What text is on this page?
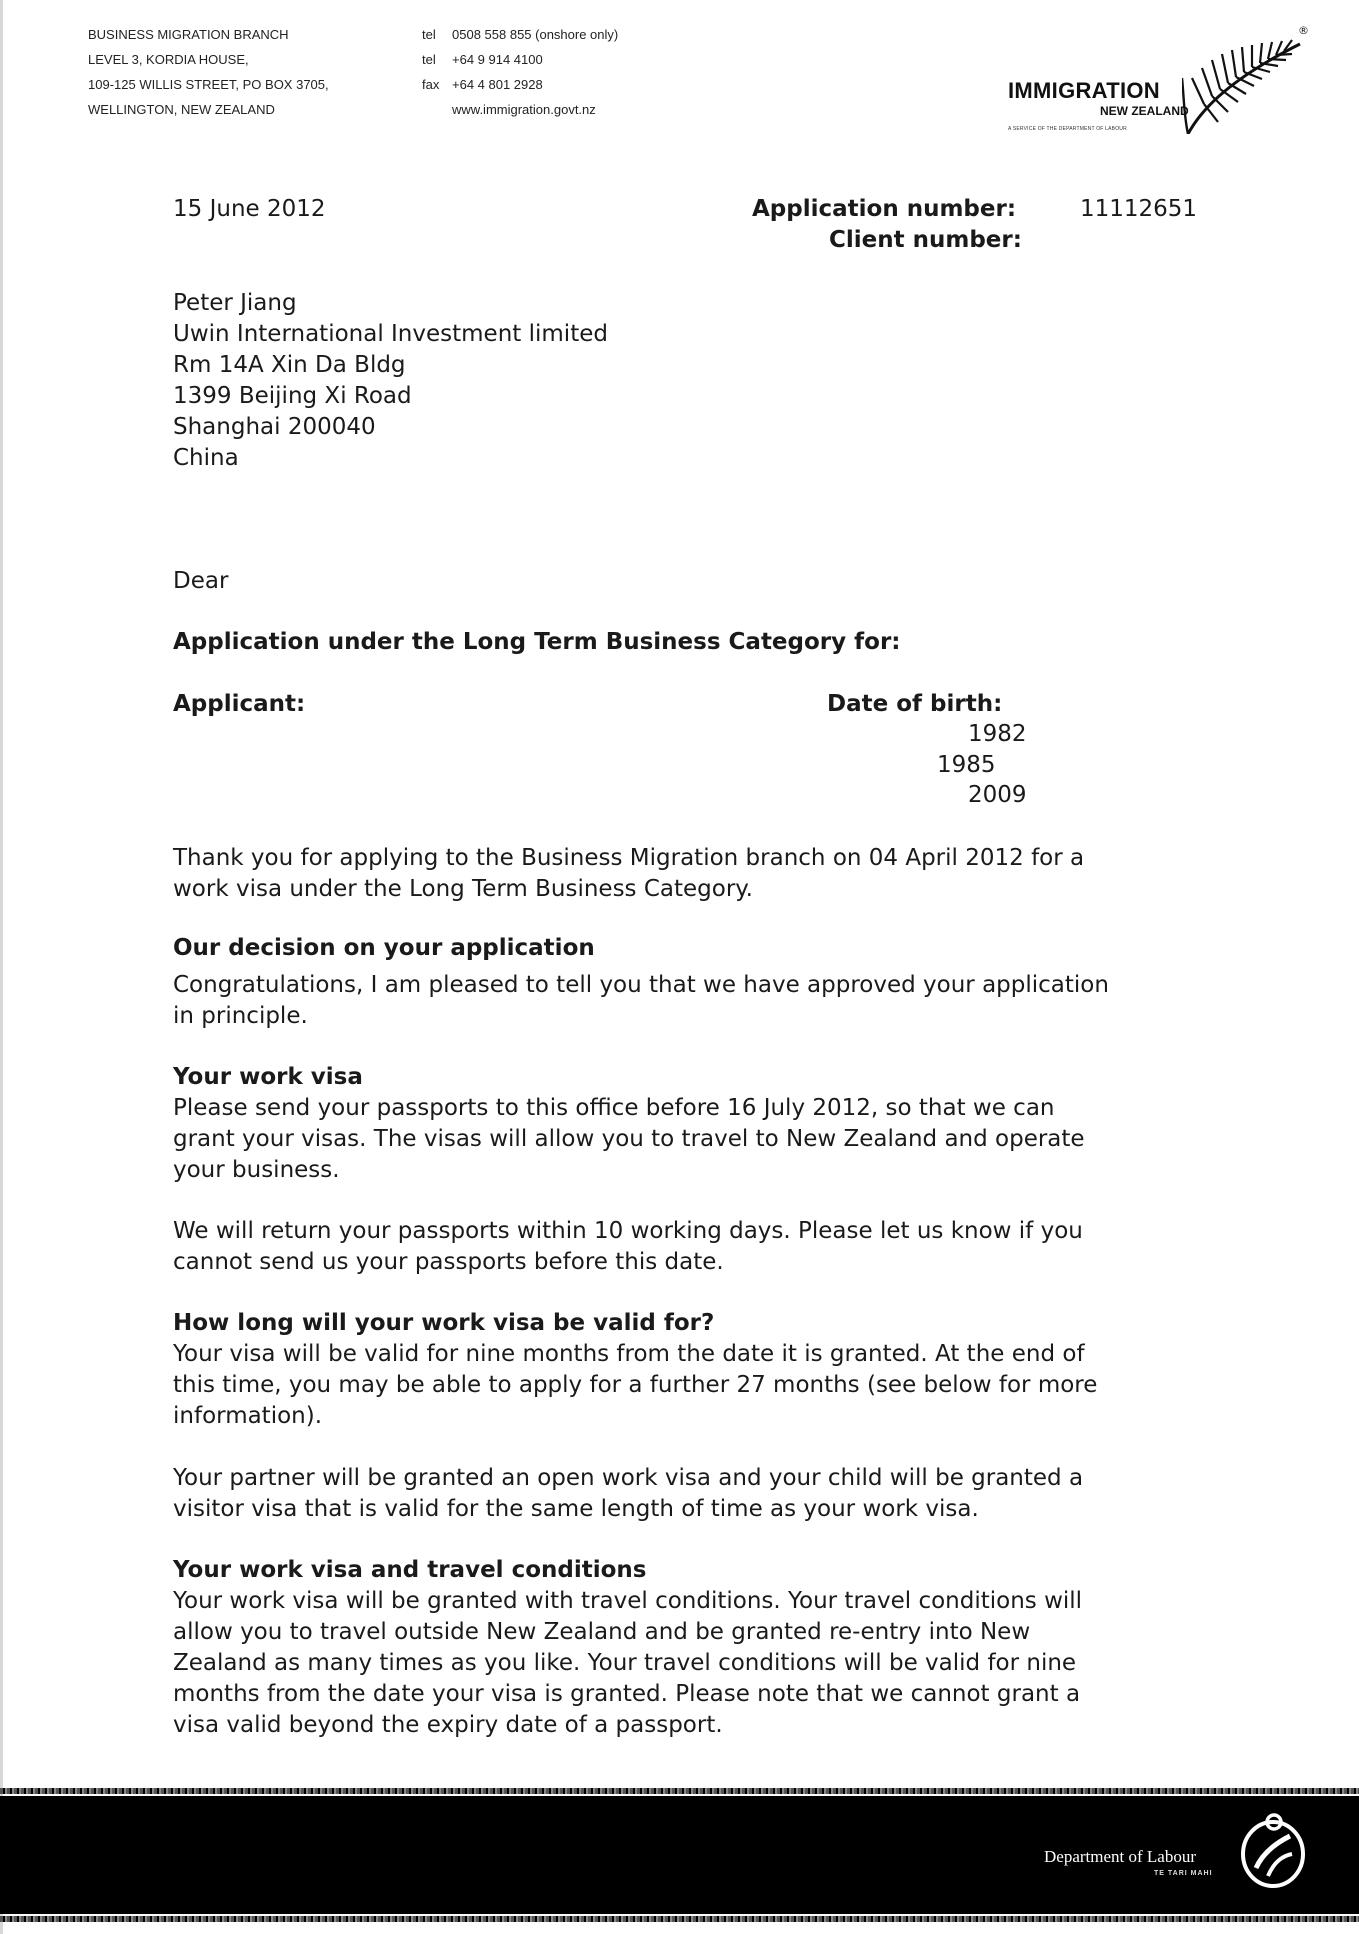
BUSINESS MIGRATION BRANCH
LEVEL 3, KORDIA HOUSE,
109-125 WILLIS STREET, PO BOX 3705,
WELLINGTON, NEW ZEALAND
tel 0508 558 855 (onshore only)
tel +64 9 914 4100
fax +64 4 801 2928
www.immigration.govt.nz
IMMIGRATION
NEW ZEALAND
A SERVICE OF THE DEPARTMENT OF LABOUR
®
15 June 2012	Application number:	11112651
Client number:
Peter Jiang
Uwin International Investment limited
Rm 14A Xin Da Bldg
1399 Beijing Xi Road
Shanghai 200040
China
Dear
Application under the Long Term Business Category for:
Applicant:	Date of birth:
1982
1985
2009
Thank you for applying to the Business Migration branch on 04 April 2012 for a
work visa under the Long Term Business Category.
Our decision on your application
Congratulations, I am pleased to tell you that we have approved your application
in principle.
Your work visa
Please send your passports to this office before 16 July 2012, so that we can
grant your visas. The visas will allow you to travel to New Zealand and operate
your business.
We will return your passports within 10 working days. Please let us know if you
cannot send us your passports before this date.
How long will your work visa be valid for?
Your visa will be valid for nine months from the date it is granted. At the end of
this time, you may be able to apply for a further 27 months (see below for more
information).
Your partner will be granted an open work visa and your child will be granted a
visitor visa that is valid for the same length of time as your work visa.
Your work visa and travel conditions
Your work visa will be granted with travel conditions. Your travel conditions will
allow you to travel outside New Zealand and be granted re-entry into New
Zealand as many times as you like. Your travel conditions will be valid for nine
months from the date your visa is granted. Please note that we cannot grant a
visa valid beyond the expiry date of a passport.
Department of Labour
TE TARI MAHI
